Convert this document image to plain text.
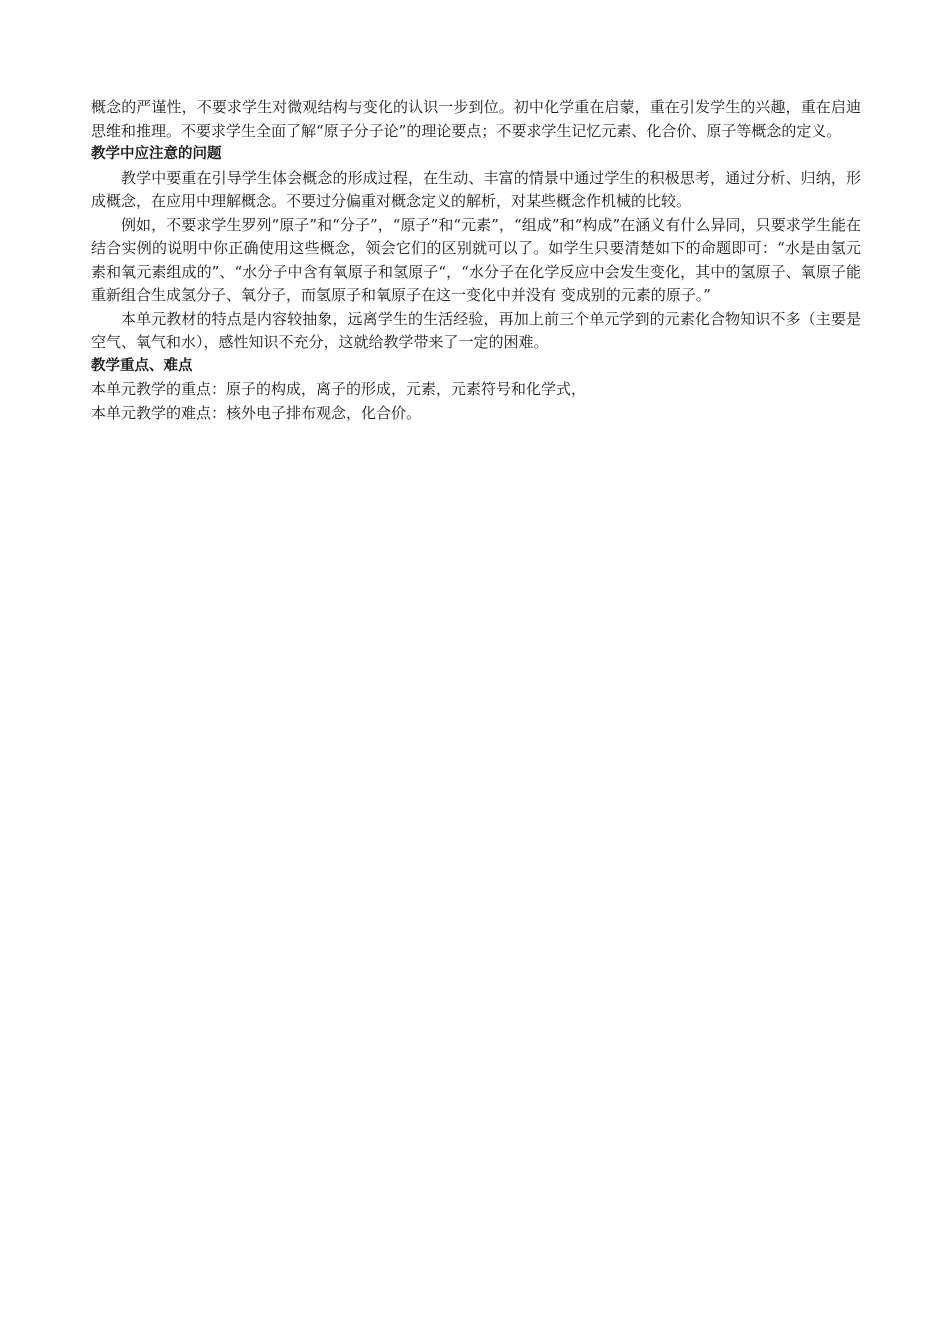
概念的严谨性，不要求学生对微观结构与变化的认识一步到位。初中化学重在启蒙，重在引发学生的兴趣，重在启迪思维和推理。不要求学生全面了解“原子分子论”的理论要点；不要求学生记忆元素、化合价、原子等概念的定义。

教学中应注意的问题

教学中要重在引导学生体会概念的形成过程，在生动、丰富的情景中通过学生的积极思考，通过分析、归纳，形成概念，在应用中理解概念。不要过分偏重对概念定义的解析，对某些概念作机械的比较。

例如，不要求学生罗列“原子”和“分子”，“原子”和“元素”，“组成”和“构成”在涵义有什么异同，只要求学生能在结合实例的说明中你正确使用这些概念，领会它们的区别就可以了。如学生只要清楚如下的命题即可：“水是由氢元素和氧元素组成的”、“水分子中含有氧原子和氢原子“，“水分子在化学反应中会发生变化，其中的氢原子、氧原子能重新组合生成氢分子、氧分子，而氢原子和氧原子在这一变化中并没有 变成别的元素的原子。”

本单元教材的特点是内容较抽象，远离学生的生活经验，再加上前三个单元学到的元素化合物知识不多（主要是空气、氧气和水），感性知识不充分，这就给教学带来了一定的困难。

教学重点、难点

本单元教学的重点：原子的构成，离子的形成，元素，元素符号和化学式，

本单元教学的难点：核外电子排布观念，化合价。
